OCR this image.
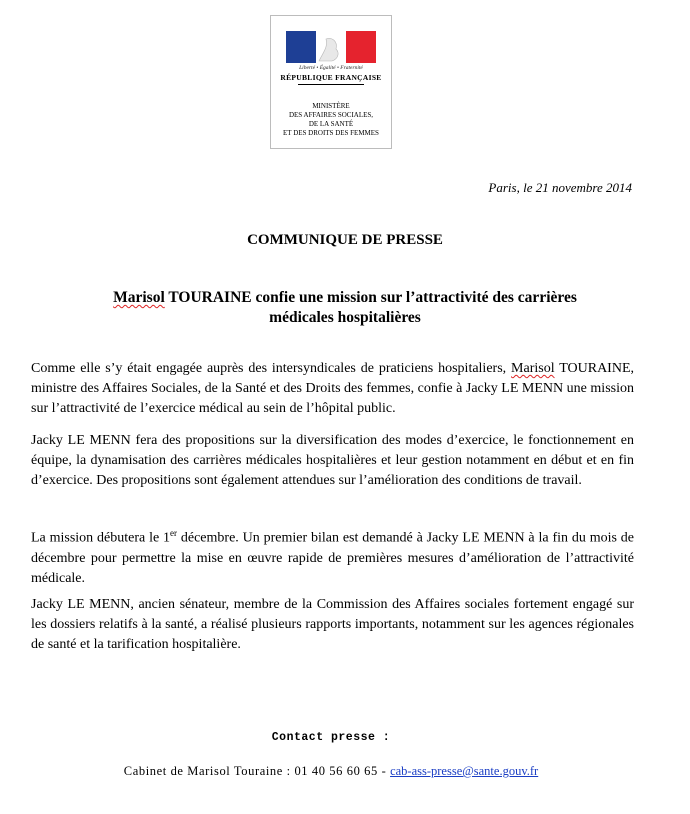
Liberté • Égalité • Fraternité
RÉPUBLIQUE FRANÇAISE
MINISTÈRE
DES AFFAIRES SOCIALES,
DE LA SANTÉ
ET DES DROITS DES FEMMES
Paris, le 21 novembre 2014
COMMUNIQUE DE PRESSE
Marisol TOURAINE confie une mission sur l’attractivité des carrières
médicales hospitalières

Comme elle s’y était engagée auprès des intersyndicales de praticiens hospitaliers, Marisol TOURAINE, ministre des Affaires Sociales, de la Santé et des Droits des femmes, confie à Jacky LE MENN une mission sur l’attractivité de l’exercice médical au sein de l’hôpital public.

Jacky LE MENN fera des propositions sur la diversification des modes d’exercice, le fonctionnement en équipe, la dynamisation des carrières médicales hospitalières et leur gestion notamment en début et en fin d’exercice. Des propositions sont également attendues sur l’amélioration des conditions de travail.

La mission débutera le 1er décembre. Un premier bilan est demandé à Jacky LE MENN à la fin du mois de décembre pour permettre la mise en œuvre rapide de premières mesures d’amélioration de l’attractivité médicale.

Jacky LE MENN, ancien sénateur, membre de la Commission des Affaires sociales fortement engagé sur les dossiers relatifs à la santé, a réalisé plusieurs rapports importants, notamment sur les agences régionales de santé et la tarification hospitalière.

Contact presse :
Cabinet de Marisol Touraine : 01 40 56 60 65 - cab-ass-presse@sante.gouv.fr
